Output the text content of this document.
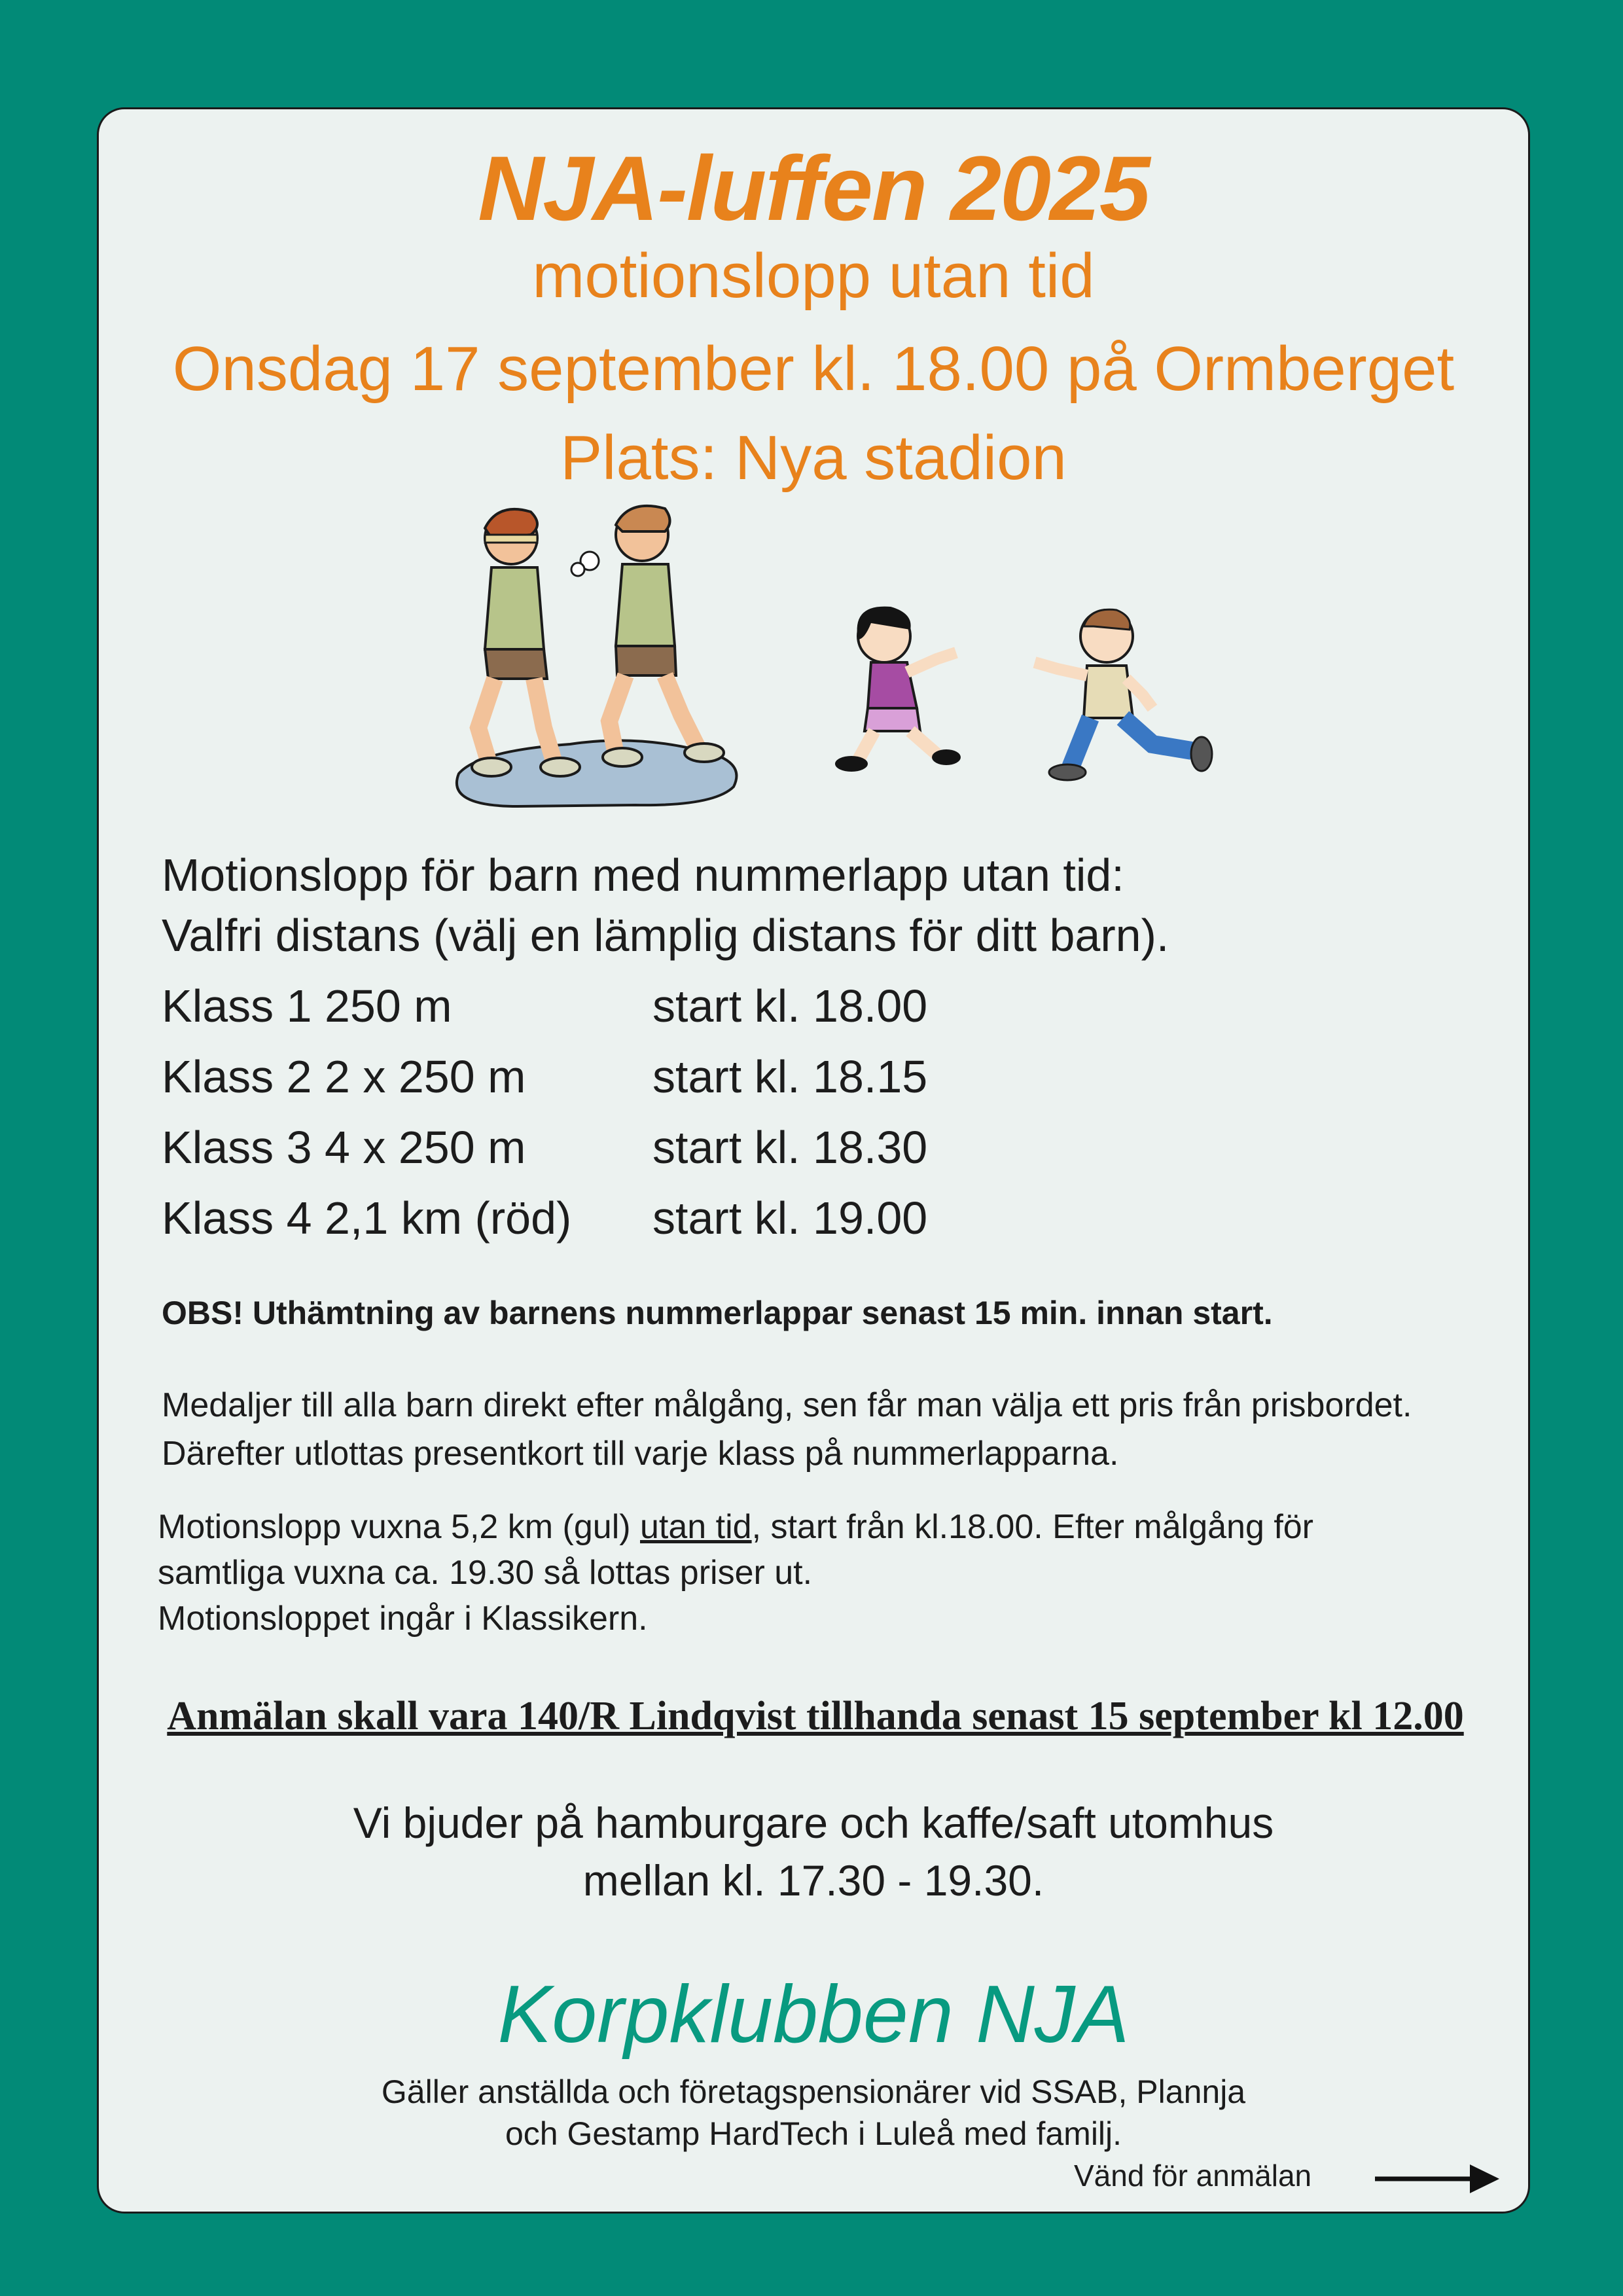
NJA-luffen 2025
motionslopp utan tid
Onsdag 17 september kl. 18.00 på Ormberget
Plats: Nya stadion
Motionslopp för barn med nummerlapp utan tid:
Valfri distans (välj en lämplig distans för ditt barn).
Klass 1 250 m	start kl. 18.00
Klass 2 2 x 250 m	start kl. 18.15
Klass 3 4 x 250 m	start kl. 18.30
Klass 4 2,1 km (röd) start kl. 19.00
OBS! Uthämtning av barnens nummerlappar senast 15 min. innan start.
Medaljer till alla barn direkt efter målgång, sen får man välja ett pris från prisbordet.
Därefter utlottas presentkort till varje klass på nummerlapparna.
Motionslopp vuxna 5,2 km (gul) utan tid, start från kl.18.00. Efter målgång för
samtliga vuxna ca. 19.30 så lottas priser ut.
Motionsloppet ingår i Klassikern.
Anmälan skall vara 140/R Lindqvist tillhanda senast 15 september kl 12.00
Vi bjuder på hamburgare och kaffe/saft utomhus
mellan kl. 17.30 - 19.30.
Korpklubben NJA
Gäller anställda och företagspensionärer vid SSAB, Plannja
och Gestamp HardTech i Luleå med familj.
Vänd för anmälan
